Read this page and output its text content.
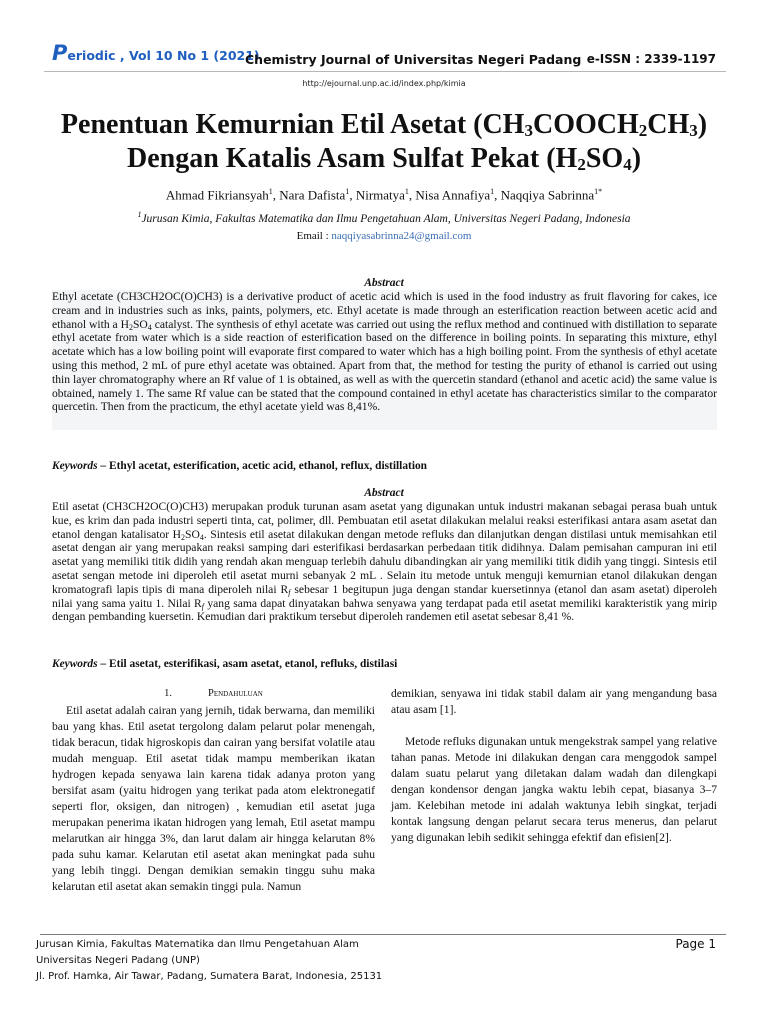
Periodic , Vol 10 No 1 (2021)
Chemistry Journal of Universitas Negeri Padang e-ISSN : 2339-1197
http://ejournal.unp.ac.id/index.php/kimia
Penentuan Kemurnian Etil Asetat $(CH_3COOCH_2CH_3)$
Dengan Katalis Asam Sulfat Pekat $(H_2SO_4)$
Ahmad Fikriansyah$^1$, Nara Dafista$^1$, Nirmatya$^1$, Nisa Annafiya$^1$, Naqqiya Sabrinna$^{1*}$
$^1$Jurusan Kimia, Fakultas Matematika dan Ilmu Pengetahuan Alam, Universitas Negeri Padang, Indonesia
Email : naqqiyasabrinna24@gmail.com
Abstract
Ethyl acetate (CH3CH2OC(O)CH3) is a derivative product of acetic acid which is used in the food industry as fruit flavoring for cakes, ice cream and in industries such as inks, paints, polymers, etc. Ethyl acetate is made through an esterification reaction between acetic acid and ethanol with a $H_2SO_4$ catalyst. The synthesis of ethyl acetate was carried out using the reflux method and continued with distillation to separate ethyl acetate from water which is a side reaction of esterification based on the difference in boiling points. In separating this mixture, ethyl acetate which has a low boiling point will evaporate first compared to water which has a high boiling point. From the synthesis of ethyl acetate using this method, 2 mL of pure ethyl acetate was obtained. Apart from that, the method for testing the purity of ethanol is carried out using thin layer chromatography where an Rf value of 1 is obtained, as well as with the quercetin standard (ethanol and acetic acid) the same value is obtained, namely 1. The same Rf value can be stated that the compound contained in ethyl acetate has characteristics similar to the comparator quercetin. Then from the practicum, the ethyl acetate yield was 8,41%.
Keywords – Ethyl acetat, esterification, acetic acid, ethanol, reflux, distillation
Abstract
Etil asetat (CH3CH2OC(O)CH3) merupakan produk turunan asam asetat yang digunakan untuk industri makanan sebagai perasa buah untuk kue, es krim dan pada industri seperti tinta, cat, polimer, dll. Pembuatan etil asetat dilakukan melalui reaksi esterifikasi antara asam asetat dan etanol dengan katalisator $H_2SO_4$. Sintesis etil asetat dilakukan dengan metode refluks dan dilanjutkan dengan distilasi untuk memisahkan etil asetat dengan air yang merupakan reaksi samping dari esterifikasi berdasarkan perbedaan titik didihnya. Dalam pemisahan campuran ini etil asetat yang memiliki titik didih yang rendah akan menguap terlebih dahulu dibandingkan air yang memiliki titik didih yang tinggi. Sintesis etil asetat sengan metode ini diperoleh etil asetat murni sebanyak 2 mL . Selain itu metode untuk menguji kemurnian etanol dilakukan dengan kromatografi lapis tipis di mana diperoleh nilai $R_f$ sebesar 1 begitupun juga dengan standar kuersetinnya (etanol dan asam asetat) diperoleh nilai yang sama yaitu 1. Nilai $R_f$ yang sama dapat dinyatakan bahwa senyawa yang terdapat pada etil asetat memiliki karakteristik yang mirip dengan pembanding kuersetin. Kemudian dari praktikum tersebut diperoleh randemen etil asetat sebesar 8,41 %.
Keywords – Etil asetat, esterifikasi, asam asetat, etanol, refluks, distilasi
1.	Pendahuluan

Etil asetat adalah cairan yang jernih, tidak berwarna, dan memiliki bau yang khas. Etil asetat tergolong dalam pelarut polar menengah, tidak beracun, tidak higroskopis dan cairan yang bersifat volatile atau mudah menguap. Etil asetat tidak mampu memberikan ikatan hydrogen kepada senyawa lain karena tidak adanya proton yang bersifat asam (yaitu hidrogen yang terikat pada atom elektronegatif seperti flor, oksigen, dan nitrogen) , kemudian etil asetat juga merupakan penerima ikatan hidrogen yang lemah, Etil asetat mampu melarutkan air hingga 3%, dan larut dalam air hingga kelarutan 8% pada suhu kamar. Kelarutan etil asetat akan meningkat pada suhu yang lebih tinggi. Dengan demikian semakin tinggu suhu maka kelarutan etil asetat akan semakin tinggi pula. Namun

demikian, senyawa ini tidak stabil dalam air yang mengandung basa atau asam [1].

Metode refluks digunakan untuk mengekstrak sampel yang relative tahan panas. Metode ini dilakukan dengan cara menggodok sampel dalam suatu pelarut yang diletakan dalam wadah dan dilengkapi dengan kondensor dengan jangka waktu lebih cepat, biasanya 3–7 jam. Kelebihan metode ini adalah waktunya lebih singkat, terjadi kontak langsung dengan pelarut secara terus menerus, dan pelarut yang digunakan lebih sedikit sehingga efektif dan efisien[2].

Jurusan Kimia, Fakultas Matematika dan Ilmu Pengetahuan Alam
Universitas Negeri Padang (UNP)
Jl. Prof. Hamka, Air Tawar, Padang, Sumatera Barat, Indonesia, 25131
Page 1
